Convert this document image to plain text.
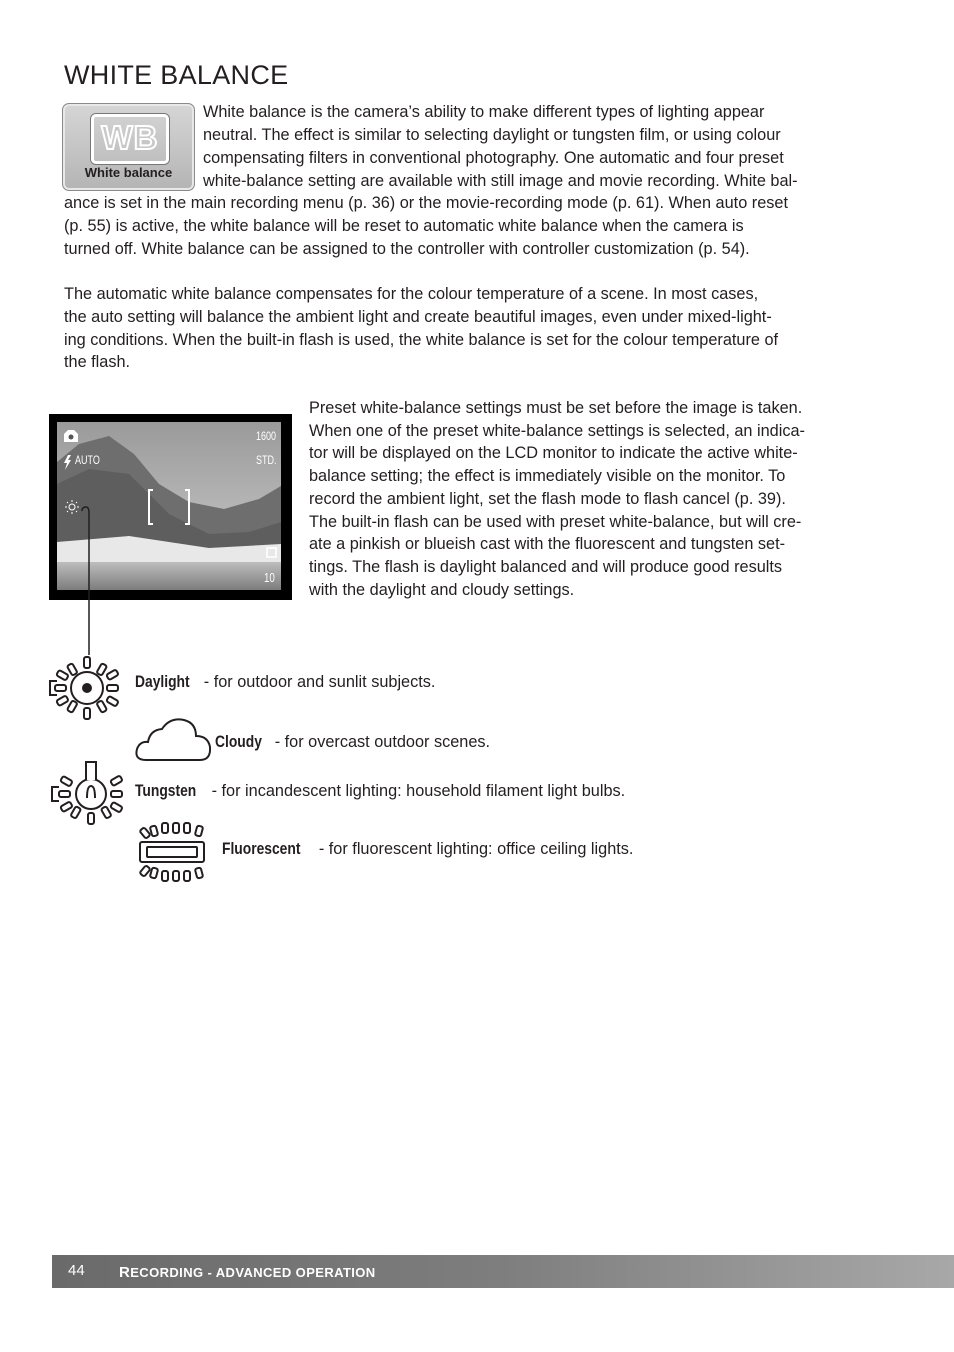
WHITE BALANCE
WB
White balance

White balance is the camera’s ability to make different types of lighting appear

neutral. The effect is similar to selecting daylight or tungsten film, or using colour

compensating filters in conventional photography. One automatic and four preset

white-balance setting are available with still image and movie recording. White bal-

ance is set in the main recording menu (p. 36) or the movie-recording mode (p. 61). When auto reset

(p. 55) is active, the white balance will be reset to automatic white balance when the camera is

turned off. White balance can be assigned to the controller with controller customization (p. 54).

The automatic white balance compensates for the colour temperature of a scene. In most cases,

the auto setting will balance the ambient light and create beautiful images, even under mixed-light-

ing conditions. When the built-in flash is used, the white balance is set for the colour temperature of

the flash.

Preset white-balance settings must be set before the image is taken.

When one of the preset white-balance settings is selected, an indica-

tor will be displayed on the LCD monitor to indicate the active white-

balance setting; the effect is immediately visible on the monitor. To

record the ambient light, set the flash mode to flash cancel (p. 39).

The built-in flash can be used with preset white-balance, but will cre-

ate a pinkish or blueish cast with the fluorescent and tungsten set-

tings. The flash is daylight balanced and will produce good results

with the daylight and cloudy settings.

1600
STD.
AUTO
10
Daylight - for outdoor and sunlit subjects.
Cloudy - for overcast outdoor scenes.
Tungsten - for incandescent lighting: household filament light bulbs.
Fluorescent - for fluorescent lighting: office ceiling lights.
44 RECORDING - ADVANCED OPERATION
